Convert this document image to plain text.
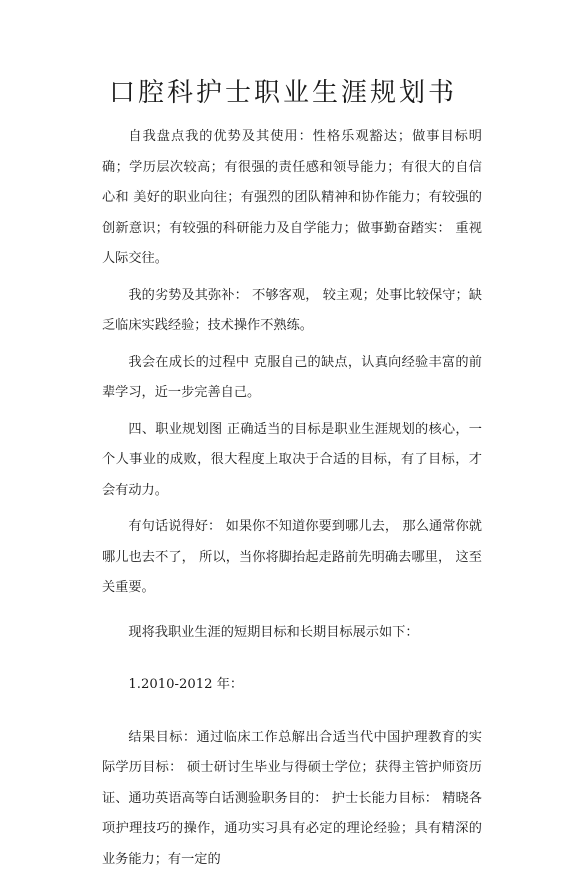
口腔科护士职业生涯规划书

自我盘点我的优势及其使用：性格乐观豁达；做事目标明确；学历层次较高；有很强的责任感和领导能力；有很大的自信心和 美好的职业向往；有强烈的团队精神和协作能力；有较强的创新意识；有较强的科研能力及自学能力；做事勤奋踏实： 重视人际交往。

我的劣势及其弥补： 不够客观， 较主观；处事比较保守；缺乏临床实践经验；技术操作不熟练。

我会在成长的过程中 克服自己的缺点，认真向经验丰富的前辈学习，近一步完善自己。

四、职业规划图 正确适当的目标是职业生涯规划的核心，一个人事业的成败，很大程度上取决于合适的目标，有了目标，才会有动力。

有句话说得好： 如果你不知道你要到哪儿去， 那么通常你就哪儿也去不了， 所以，当你将脚抬起走路前先明确去哪里， 这至关重要。

现将我职业生涯的短期目标和长期目标展示如下：

1.2010-2012 年：

结果目标：通过临床工作总解出合适当代中国护理教育的实际学历目标： 硕士研讨生毕业与得硕士学位；获得主管护师资历证、通功英语高等白话测验职务目的： 护士长能力目标： 精晓各项护理技巧的操作，通功实习具有必定的理论经验；具有精深的业务能力；有一定的
